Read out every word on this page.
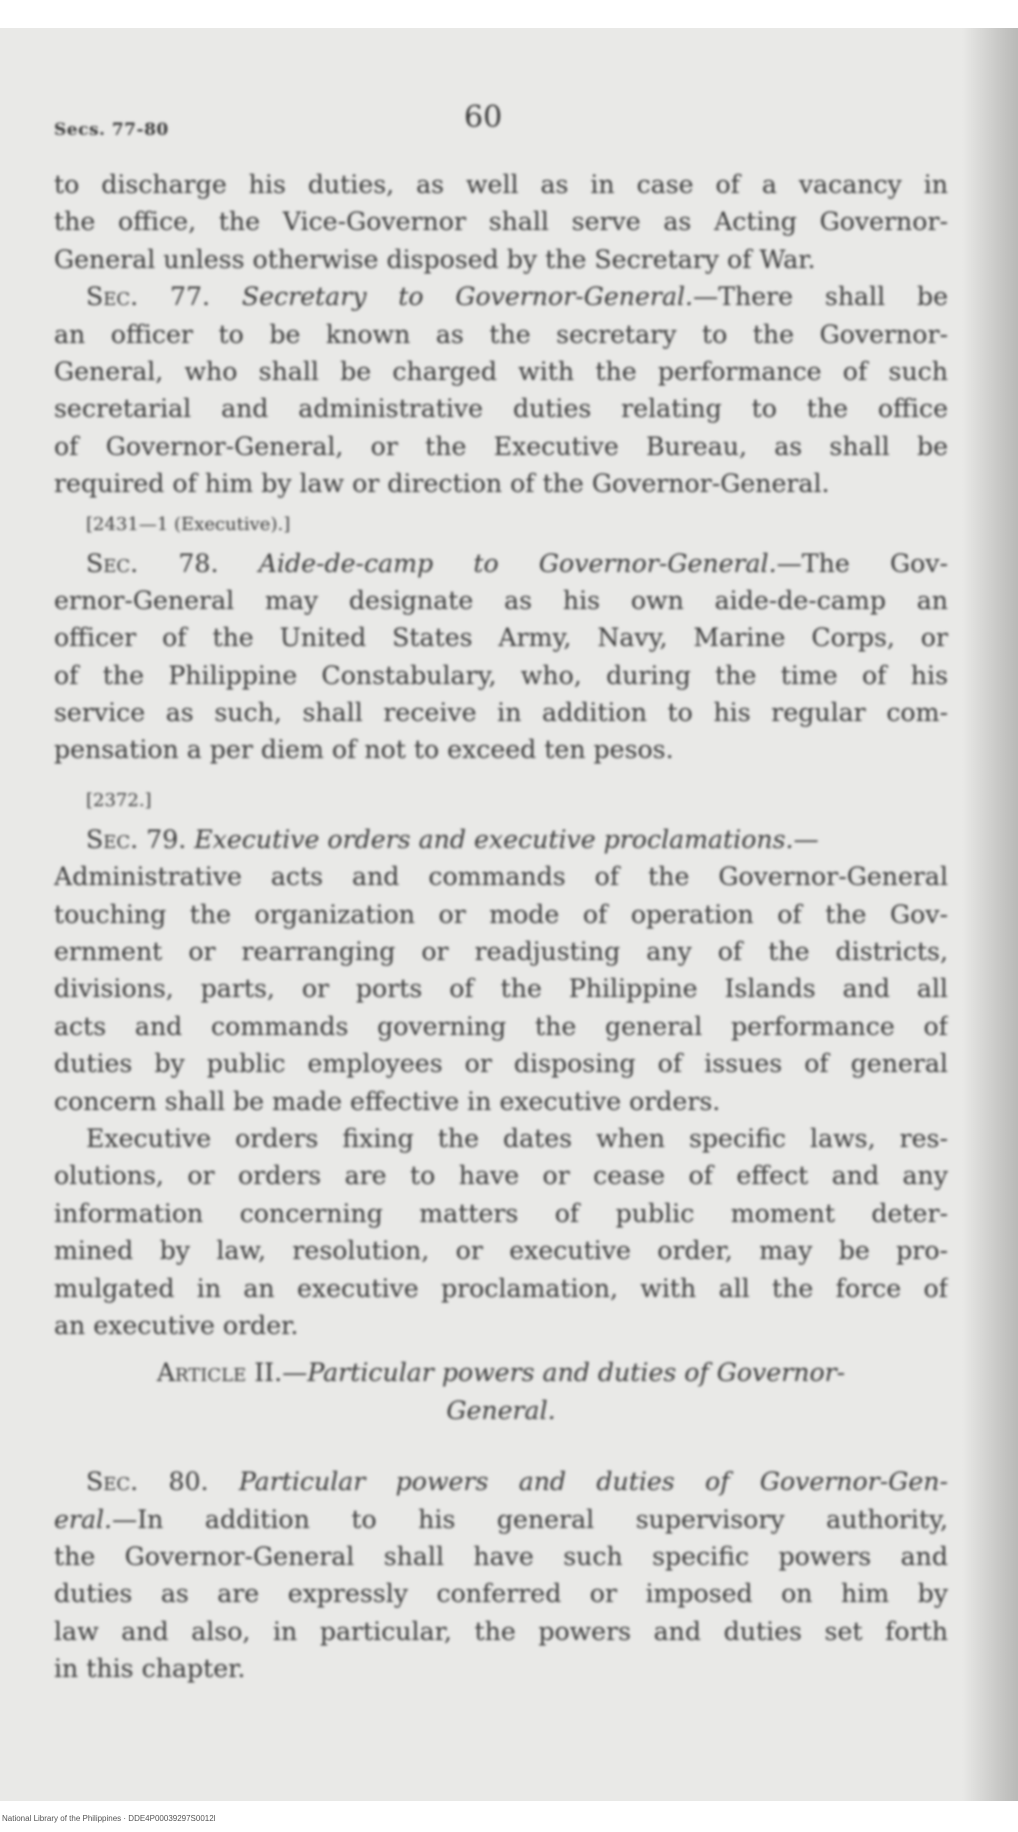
Secs. 77-80	60
to discharge his duties, as well as in case of a vacancy in
the office, the Vice-Governor shall serve as Acting Governor-
General unless otherwise disposed by the Secretary of War.
Sec. 77. Secretary to Governor-General.—There shall be
an officer to be known as the secretary to the Governor-
General, who shall be charged with the performance of such
secretarial and administrative duties relating to the office
of Governor-General, or the Executive Bureau, as shall be
required of him by law or direction of the Governor-General.
[2431—1 (Executive).]
Sec. 78. Aide-de-camp to Governor-General.—The Gov-
ernor-General may designate as his own aide-de-camp an
officer of the United States Army, Navy, Marine Corps, or
of the Philippine Constabulary, who, during the time of his
service as such, shall receive in addition to his regular com-
pensation a per diem of not to exceed ten pesos.
[2372.]
Sec. 79. Executive orders and executive proclamations.—
Administrative acts and commands of the Governor-General
touching the organization or mode of operation of the Gov-
ernment or rearranging or readjusting any of the districts,
divisions, parts, or ports of the Philippine Islands and all
acts and commands governing the general performance of
duties by public employees or disposing of issues of general
concern shall be made effective in executive orders.
Executive orders fixing the dates when specific laws, res-
olutions, or orders are to have or cease of effect and any
information concerning matters of public moment deter-
mined by law, resolution, or executive order, may be pro-
mulgated in an executive proclamation, with all the force of
an executive order.
Article II.—Particular powers and duties of Governor-
General.
Sec. 80. Particular powers and duties of Governor-Gen-
eral.—In addition to his general supervisory authority,
the Governor-General shall have such specific powers and
duties as are expressly conferred or imposed on him by
law and also, in particular, the powers and duties set forth
in this chapter.
National Library of the Philippines · DDE4P00039297S0012l
